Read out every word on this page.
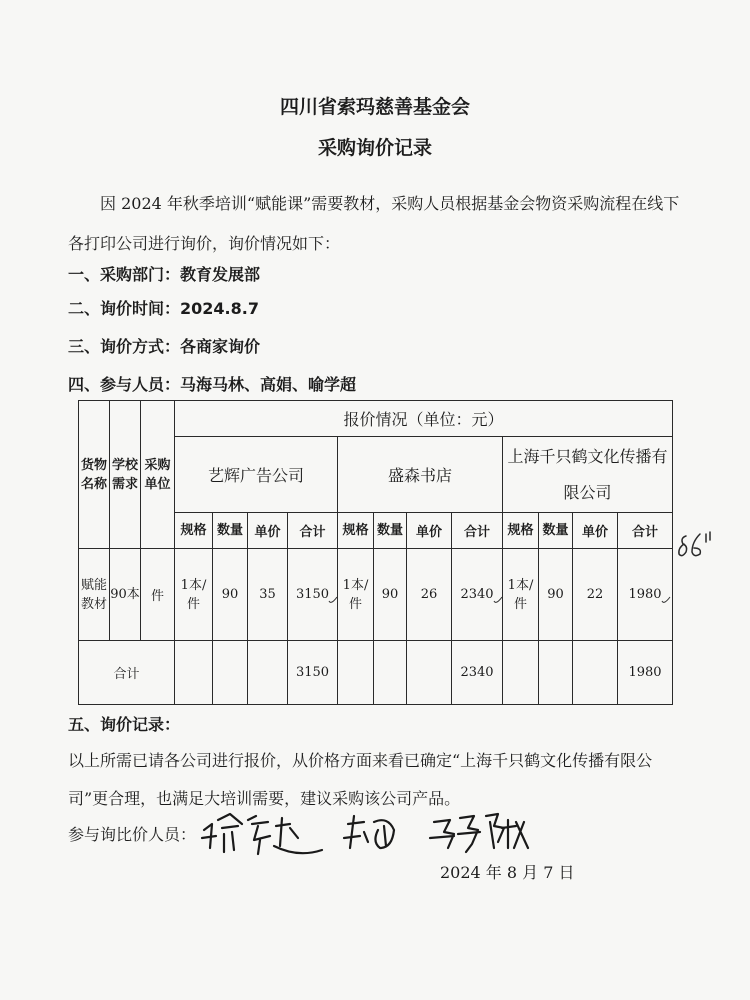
四川省索玛慈善基金会
采购询价记录
因 2024 年秋季培训“赋能课”需要教材，采购人员根据基金会物资采购流程在线下各打印公司进行询价，询价情况如下：
一、采购部门：教育发展部
二、询价时间：2024.8.7
三、询价方式：各商家询价
四、参与人员：马海马林、高娟、喻学超
货物名称	学校需求	采购单位	报价情况（单位：元）											
			艺辉广告公司				盛森书店				上海千只鹤文化传播有限公司			
			规格	数量	单价	合计	规格	数量	单价	合计	规格	数量	单价	合计
赋能教材	90本	件	1本/件	90	35	3150	1本/件	90	26	2340	1本/件	90	22	1980

合计						3150				2340				1980
五、询价记录：
以上所需已请各公司进行报价，从价格方面来看已确定“上海千只鹤文化传播有限公司”更合理，也满足大培训需要，建议采购该公司产品。
参与询比价人员：
2024 年 8 月 7 日
